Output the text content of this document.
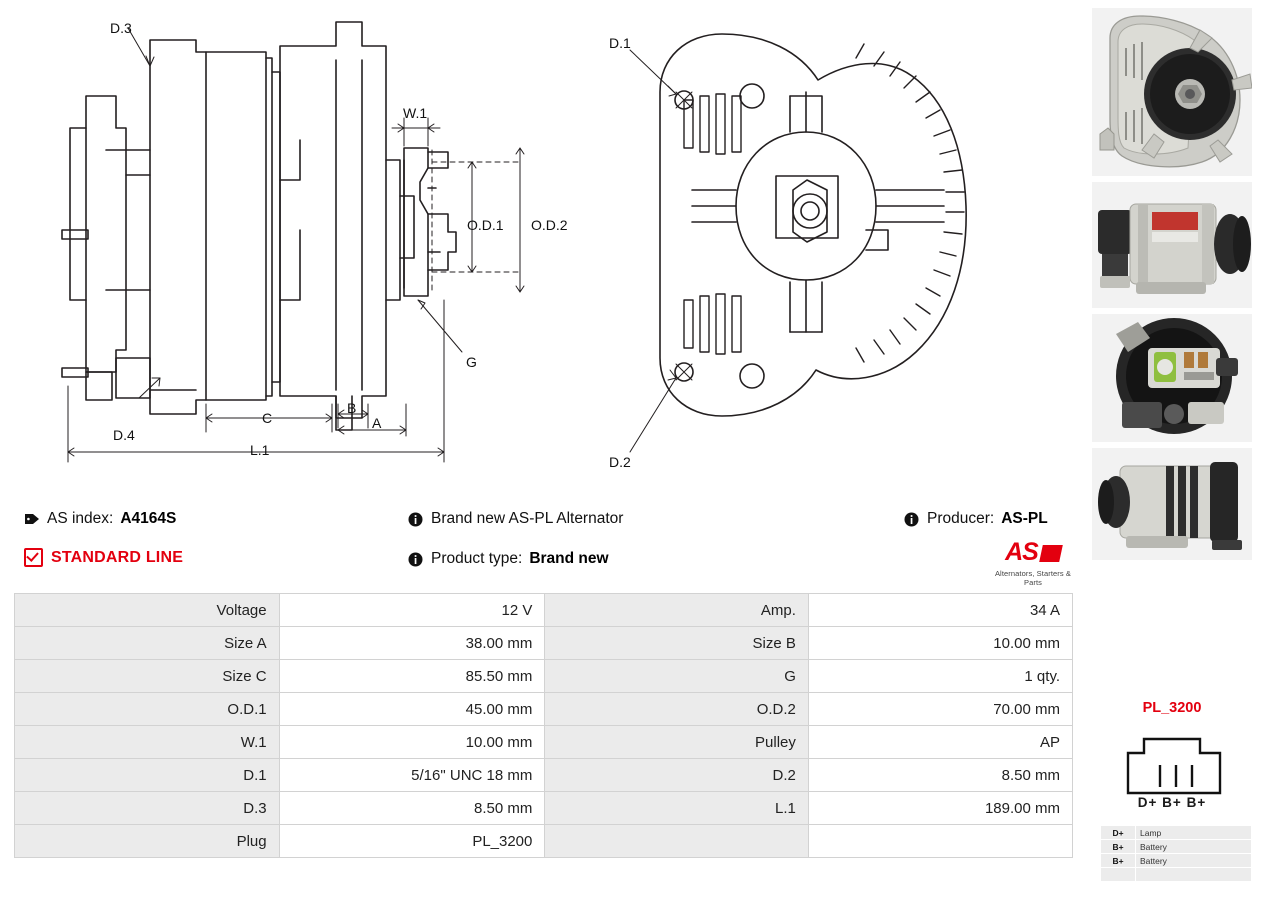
D.3
W.1
O.D.1 O.D.2
G
D.4
C
B
A
L.1
D.1
D.2
AS index: A4164S
STANDARD LINE
Brand new AS-PL Alternator
Product type: Brand new
Producer: AS-PL
AS
Alternators, Starters & Parts
Voltage	12 V	Amp.	34 A
Size A	38.00 mm	Size B	10.00 mm
Size C	85.50 mm	G	1 qty.
O.D.1	45.00 mm	O.D.2	70.00 mm
W.1	10.00 mm	Pulley	AP
D.1	5/16" UNC 18 mm	D.2	8.50 mm
D.3	8.50 mm	L.1	189.00 mm
Plug	PL_3200		
PL_3200
D+ B+ B+
D+	Lamp
B+	Battery
B+	Battery
